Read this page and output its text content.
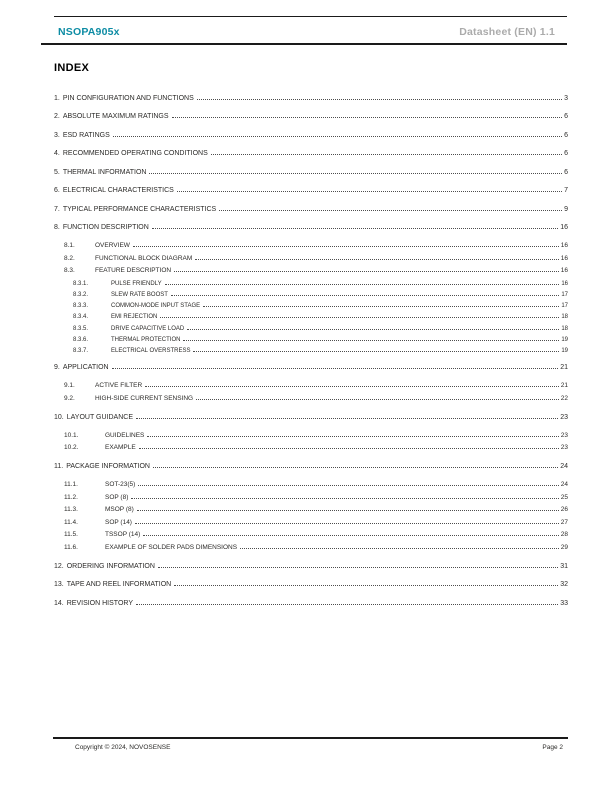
NSOPA905x	Datasheet (EN) 1.1
INDEX
1. PIN CONFIGURATION AND FUNCTIONS	3
2. ABSOLUTE MAXIMUM RATINGS	6
3. ESD RATINGS	6
4. RECOMMENDED OPERATING CONDITIONS	6
5. THERMAL INFORMATION	6
6. ELECTRICAL CHARACTERISTICS	7
7. TYPICAL PERFORMANCE CHARACTERISTICS	9
8. FUNCTION DESCRIPTION	16
8.1.	OVERVIEW	16
8.2.	FUNCTIONAL BLOCK DIAGRAM	16
8.3.	FEATURE DESCRIPTION	16
8.3.1.	PULSE FRIENDLY	16
8.3.2.	SLEW RATE BOOST	17
8.3.3.	COMMON-MODE INPUT STAGE	17
8.3.4.	EMI REJECTION	18
8.3.5.	DRIVE CAPACITIVE LOAD	18
8.3.6.	THERMAL PROTECTION	19
8.3.7.	ELECTRICAL OVERSTRESS	19
9. APPLICATION	21
9.1.	ACTIVE FILTER	21
9.2.	HIGH-SIDE CURRENT SENSING	22
10. LAYOUT GUIDANCE	23
10.1.	GUIDELINES	23
10.2.	EXAMPLE	23
11. PACKAGE INFORMATION	24
11.1.	SOT-23(5)	24
11.2.	SOP (8)	25
11.3.	MSOP (8)	26
11.4.	SOP (14)	27
11.5.	TSSOP (14)	28
11.6.	EXAMPLE OF SOLDER PADS DIMENSIONS	29
12. ORDERING INFORMATION	31
13. TAPE AND REEL INFORMATION	32
14. REVISION HISTORY	33
Copyright © 2024, NOVOSENSE	Page 2
